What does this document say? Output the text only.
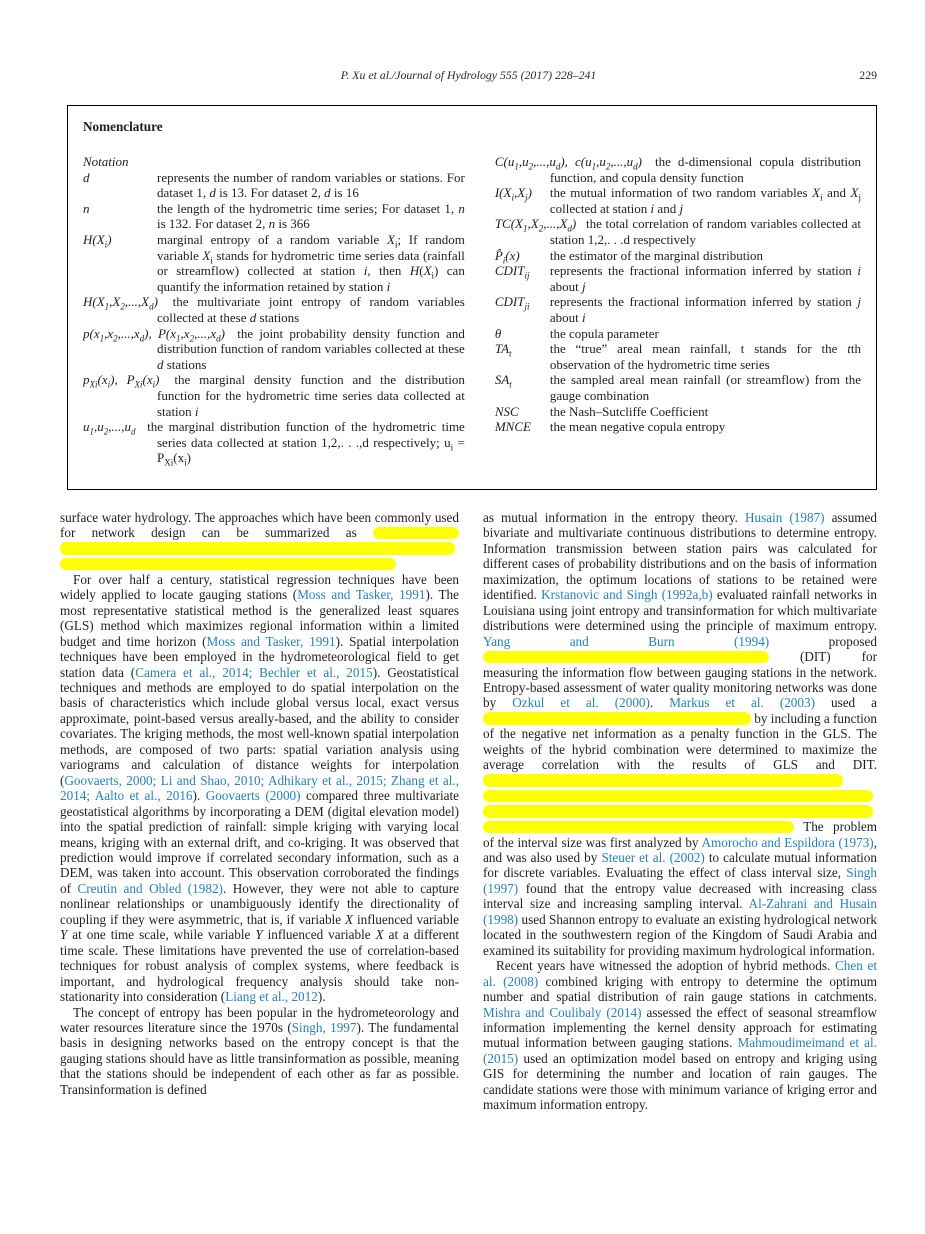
P. Xu et al./Journal of Hydrology 555 (2017) 228–241	229

Nomenclature

Notation

d	represents the number of random variables or stations. For dataset 1, d is 13. For dataset 2, d is 16

n	the length of the hydrometric time series; For dataset 1, n is 132. For dataset 2, n is 366

$H(X_i)$	marginal entropy of a random variable $X_i$; If random variable $X_i$ stands for hydrometric time series data (rainfall or streamflow) collected at station i, then $H(X_i)$ can quantify the information retained by station i

$H(X_1,X_2,...,X_d)$ the multivariate joint entropy of random variables collected at these d stations

$p(x_1,x_2,...,x_d)$, $P(x_1,x_2,...,x_d)$ the joint probability density function and distribution function of random variables collected at these d stations

$p_{Xi}(x_i)$, $P_{Xi}(x_i)$ the marginal density function and the distribution function for the hydrometric time series data collected at station i

$u_1,u_2,...,u_d$ the marginal distribution function of the hydrometric time series data collected at station 1,2,. . .,d respectively; $u_i = P_{Xi}(x_i)$

$C(u_1,u_2,...,u_d)$, $c(u_1,u_2,...,u_d)$ the d-dimensional copula distribution function, and copula density function

$I(X_i,X_j)$ the mutual information of two random variables $X_i$ and $X_j$ collected at station i and j

$TC(X_1,X_2,...,X_d)$ the total correlation of random variables collected at station 1,2,. . .d respectively

$P̂_i(x)$ the estimator of the marginal distribution

$CDIT_{ij}$ represents the fractional information inferred by station i about j

$CDIT_{ji}$ represents the fractional information inferred by station j about i

θ	the copula parameter

$TA_t$	the “true” areal mean rainfall, t stands for the tth observation of the hydrometric time series

$SA_t$	the sampled areal mean rainfall (or streamflow) from the gauge combination

NSC the Nash–Sutcliffe Coefficient

MNCE the mean negative copula entropy

surface water hydrology. The approaches which have been commonly used for network design can be summarized as

For over half a century, statistical regression techniques have been widely applied to locate gauging stations (Moss and Tasker, 1991). The most representative statistical method is the generalized least squares (GLS) method which maximizes regional information within a limited budget and time horizon (Moss and Tasker, 1991). Spatial interpolation techniques have been employed in the hydrometeorological field to get station data (Camera et al., 2014; Bechler et al., 2015). Geostatistical techniques and methods are employed to do spatial interpolation on the basis of characteristics which include global versus local, exact versus approximate, point-based versus areally-based, and the ability to consider covariates. The kriging methods, the most well-known spatial interpolation methods, are composed of two parts: spatial variation analysis using variograms and calculation of distance weights for interpolation (Goovaerts, 2000; Li and Shao, 2010; Adhikary et al., 2015; Zhang et al., 2014; Aalto et al., 2016). Goovaerts (2000) compared three multivariate geostatistical algorithms by incorporating a DEM (digital elevation model) into the spatial prediction of rainfall: simple kriging with varying local means, kriging with an external drift, and co-kriging. It was observed that prediction would improve if correlated secondary information, such as a DEM, was taken into account. This observation corroborated the findings of Creutin and Obled (1982). However, they were not able to capture nonlinear relationships or unambiguously identify the directionality of coupling if they were asymmetric, that is, if variable X influenced variable Y at one time scale, while variable Y influenced variable X at a different time scale. These limitations have prevented the use of correlation-based techniques for robust analysis of complex systems, where feedback is important, and hydrological frequency analysis should take non-stationarity into consideration (Liang et al., 2012).

The concept of entropy has been popular in the hydrometeorology and water resources literature since the 1970s (Singh, 1997). The fundamental basis in designing networks based on the entropy concept is that the gauging stations should have as little transinformation as possible, meaning that the stations should be independent of each other as far as possible. Transinformation is defined

as mutual information in the entropy theory. Husain (1987) assumed bivariate and multivariate continuous distributions to determine entropy. Information transmission between station pairs was calculated for different cases of probability distributions and on the basis of information maximization, the optimum locations of stations to be retained were identified. Krstanovic and Singh (1992a,b) evaluated rainfall networks in Louisiana using joint entropy and transinformation for which multivariate distributions were determined using the principle of maximum entropy. Yang and Burn (1994) proposed  (DIT) for measuring the information flow between gauging stations in the network. Entropy-based assessment of water quality monitoring networks was done by Ozkul et al. (2000). Markus et al. (2003) used a  by including a function of the negative net information as a penalty function in the GLS. The weights of the hybrid combination were determined to maximize the average correlation with the results of GLS and DIT.     The problem of the interval size was first analyzed by Amorocho and Espildora (1973), and was also used by Steuer et al. (2002) to calculate mutual information for discrete variables. Evaluating the effect of class interval size, Singh (1997) found that the entropy value decreased with increasing class interval size and increasing sampling interval. Al-Zahrani and Husain (1998) used Shannon entropy to evaluate an existing hydrological network located in the southwestern region of the Kingdom of Saudi Arabia and examined its suitability for providing maximum hydrological information.

Recent years have witnessed the adoption of hybrid methods. Chen et al. (2008) combined kriging with entropy to determine the optimum number and spatial distribution of rain gauge stations in catchments. Mishra and Coulibaly (2014) assessed the effect of seasonal streamflow information implementing the kernel density approach for estimating mutual information between gauging stations. Mahmoudimeimand et al. (2015) used an optimization model based on entropy and kriging using GIS for determining the number and location of rain gauges. The candidate stations were those with minimum variance of kriging error and maximum information entropy.
